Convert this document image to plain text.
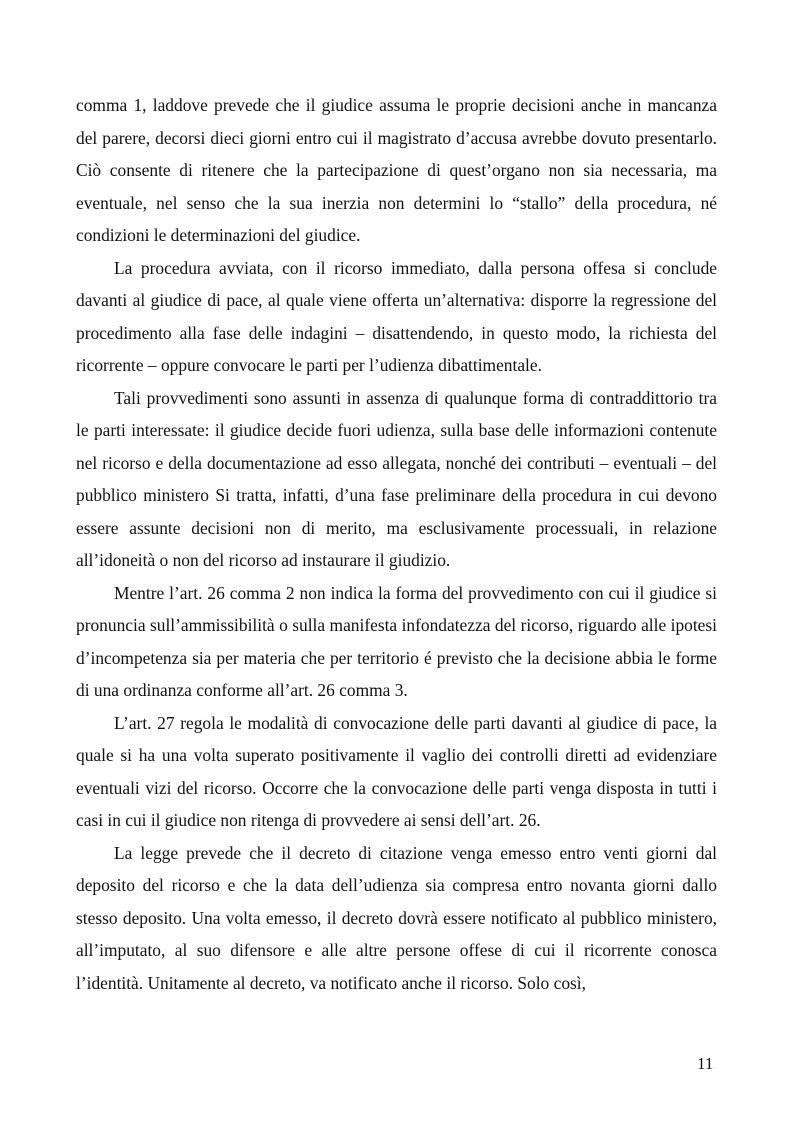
comma 1, laddove prevede che il giudice assuma le proprie decisioni anche in mancanza del parere, decorsi dieci giorni entro cui il magistrato d’accusa avrebbe dovuto presentarlo. Ciò consente di ritenere che la partecipazione di quest’organo non sia necessaria, ma eventuale, nel senso che la sua inerzia non determini lo “stallo” della procedura, né condizioni le determinazioni del giudice.

La procedura avviata, con il ricorso immediato, dalla persona offesa si conclude davanti al giudice di pace, al quale viene offerta un’alternativa: disporre la regressione del procedimento alla fase delle indagini – disattendendo, in questo modo, la richiesta del ricorrente – oppure convocare le parti per l’udienza dibattimentale.

Tali provvedimenti sono assunti in assenza di qualunque forma di contraddittorio tra le parti interessate: il giudice decide fuori udienza, sulla base delle informazioni contenute nel ricorso e della documentazione ad esso allegata, nonché dei contributi – eventuali – del pubblico ministero Si tratta, infatti, d’una fase preliminare della procedura in cui devono essere assunte decisioni non di merito, ma esclusivamente processuali, in relazione all’idoneità o non del ricorso ad instaurare il giudizio.

Mentre l’art. 26 comma 2 non indica la forma del provvedimento con cui il giudice si pronuncia sull’ammissibilità o sulla manifesta infondatezza del ricorso, riguardo alle ipotesi d’incompetenza sia per materia che per territorio é previsto che la decisione abbia le forme di una ordinanza conforme all’art. 26 comma 3.

L’art. 27 regola le modalità di convocazione delle parti davanti al giudice di pace, la quale si ha una volta superato positivamente il vaglio dei controlli diretti ad evidenziare eventuali vizi del ricorso. Occorre che la convocazione delle parti venga disposta in tutti i casi in cui il giudice non ritenga di provvedere ai sensi dell’art. 26.

La legge prevede che il decreto di citazione venga emesso entro venti giorni dal deposito del ricorso e che la data dell’udienza sia compresa entro novanta giorni dallo stesso deposito. Una volta emesso, il decreto dovrà essere notificato al pubblico ministero, all’imputato, al suo difensore e alle altre persone offese di cui il ricorrente conosca l’identità. Unitamente al decreto, va notificato anche il ricorso. Solo così,

11
